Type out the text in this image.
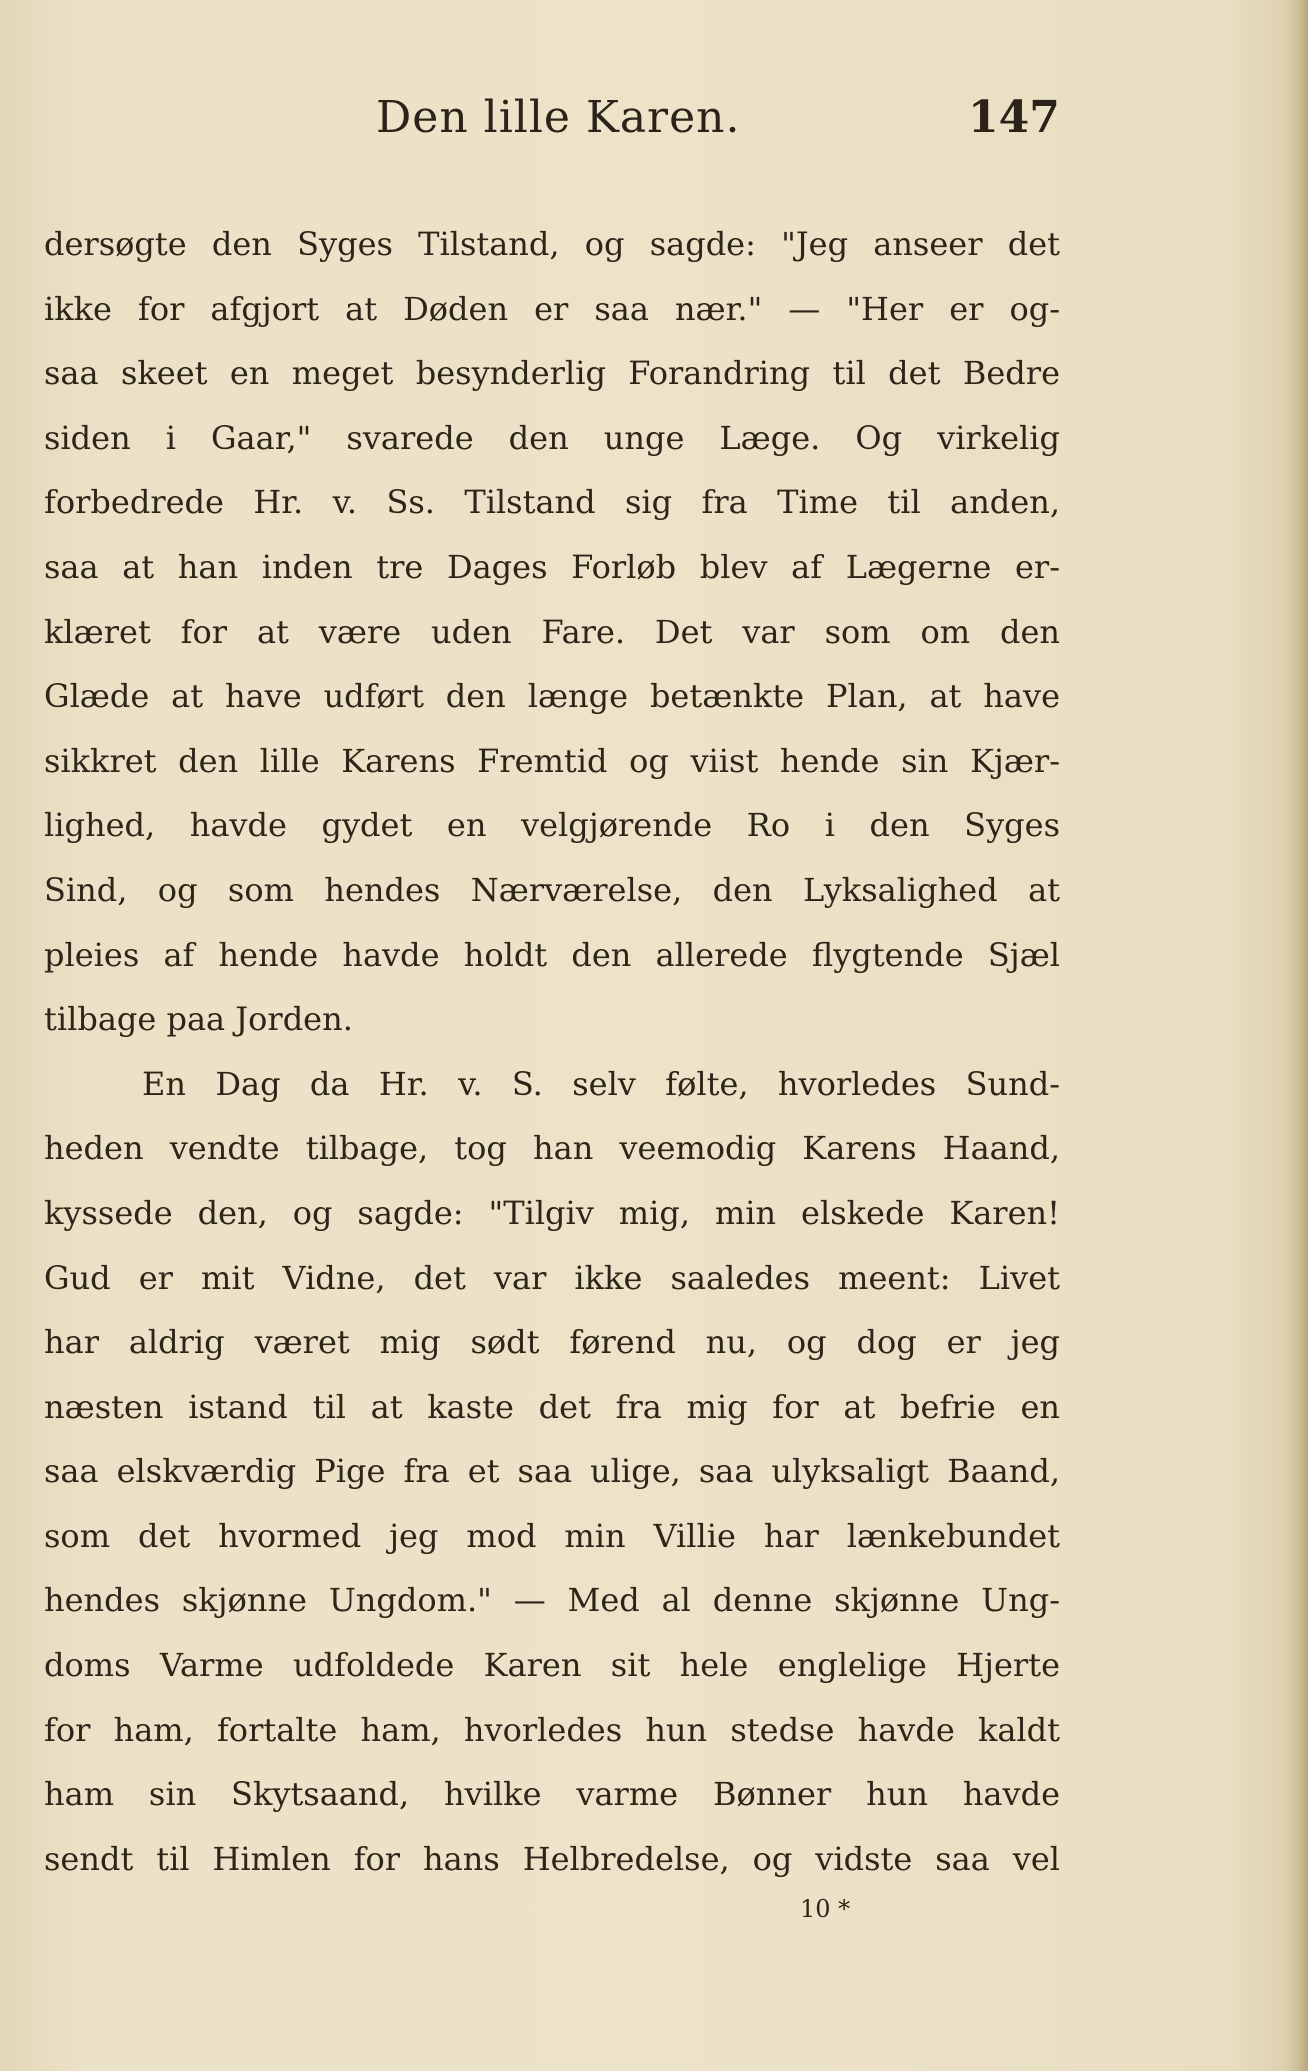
Den lille Karen.	147
dersøgte den Syges Tilstand, og sagde: "Jeg anseer det
ikke for afgjort at Døden er saa nær." — "Her er og-
saa skeet en meget besynderlig Forandring til det Bedre
siden i Gaar," svarede den unge Læge. Og virkelig
forbedrede Hr. v. Ss. Tilstand sig fra Time til anden,
saa at han inden tre Dages Forløb blev af Lægerne er-
klæret for at være uden Fare. Det var som om den
Glæde at have udført den længe betænkte Plan, at have
sikkret den lille Karens Fremtid og viist hende sin Kjær-
lighed, havde gydet en velgjørende Ro i den Syges
Sind, og som hendes Nærværelse, den Lyksalighed at
pleies af hende havde holdt den allerede flygtende Sjæl
tilbage paa Jorden.
En Dag da Hr. v. S. selv følte, hvorledes Sund-
heden vendte tilbage, tog han veemodig Karens Haand,
kyssede den, og sagde: "Tilgiv mig, min elskede Karen!
Gud er mit Vidne, det var ikke saaledes meent: Livet
har aldrig været mig sødt førend nu, og dog er jeg
næsten istand til at kaste det fra mig for at befrie en
saa elskværdig Pige fra et saa ulige, saa ulyksaligt Baand,
som det hvormed jeg mod min Villie har lænkebundet
hendes skjønne Ungdom." — Med al denne skjønne Ung-
doms Varme udfoldede Karen sit hele englelige Hjerte
for ham, fortalte ham, hvorledes hun stedse havde kaldt
ham sin Skytsaand, hvilke varme Bønner hun havde
sendt til Himlen for hans Helbredelse, og vidste saa vel
10 *
